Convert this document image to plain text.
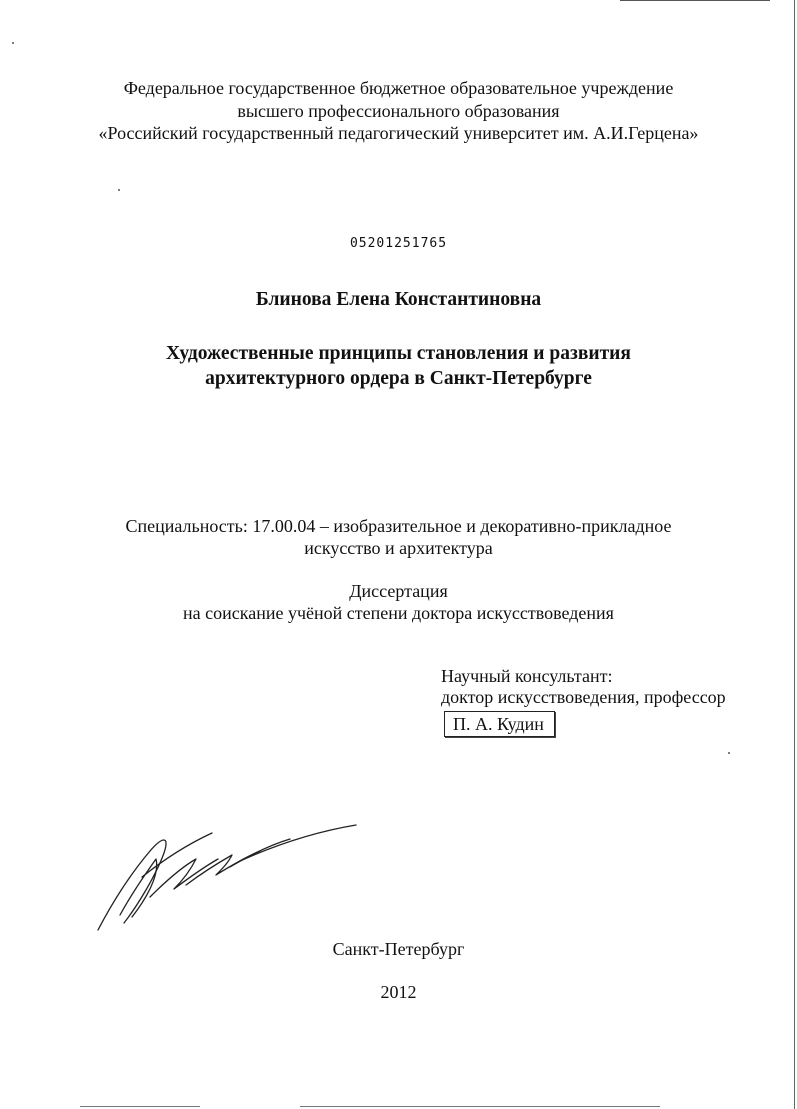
Федеральное государственное бюджетное образовательное учреждение
высшего профессионального образования
«Российский государственный педагогический университет им. А.И.Герцена»
05201251765
Блинова Елена Константиновна
Художественные принципы становления и развития
архитектурного ордера в Санкт-Петербурге
Специальность: 17.00.04 – изобразительное и декоративно-прикладное
искусство и архитектура
Диссертация
на соискание учёной степени доктора искусствоведения
Научный консультант:
доктор искусствоведения, профессор
П. А. Кудин
Санкт-Петербург
2012
